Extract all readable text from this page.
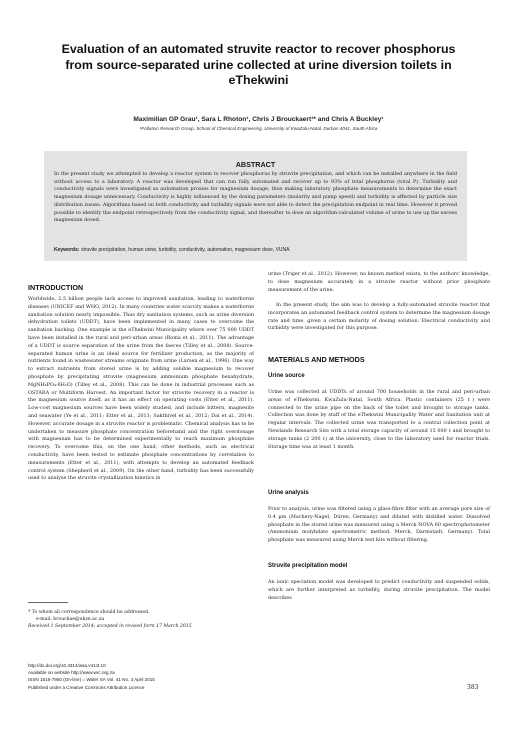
Evaluation of an automated struvite reactor to recover phosphorus
from source-separated urine collected at urine diversion toilets in
eThekwini
Maximilian GP Grau¹, Sara L Rhoton¹, Chris J Brouckaert¹* and Chris A Buckley¹
¹Pollution Research Group, School of Chemical Engineering, University of KwaZulu-Natal, Durban 4041, South Africa
ABSTRACT
In the present study we attempted to develop a reactor system to recover phosphorus by struvite precipitation, and which can be installed anywhere in the field without access to a laboratory. A reactor was developed that can run fully automated and recover up to 93% of total phosphorus (total P). Turbidity and conductivity signals were investigated as automation proxies for magnesium dosage, thus making laboratory phosphate measurements to determine the exact magnesium dosage unnecessary. Conductivity is highly influenced by the dosing parameters (molarity and pump speed) and turbidity is affected by particle size distribution issues. Algorithms based on both conductivity and turbidity signals were not able to detect the precipitation endpoint in real time. However it proved possible to identify the endpoint retrospectively from the conductivity signal, and thereafter to dose an algorithm-calculated volume of urine to use up the excess magnesium dosed.
Keywords: struvite precipitation, human urine, turbidity, conductivity, automation, magnesium dose, VUNA

INTRODUCTION

Worldwide, 2.5 billion people lack access to improved sanitation, leading to waterborne diseases (UNICEF and WHO, 2012). In many countries water scarcity makes a waterborne sanitation solution nearly impossible. Thus dry sanitation systems, such as urine diversion dehydration toilets (UDDT), have been implemented in many cases to overcome the sanitation backlog. One example is the eThekwini Municipality where over 75 000 UDDT have been installed in the rural and peri-urban areas (Roma et al., 2011). The advantage of a UDDT is source separation of the urine from the faeces (Tilley et al., 2008). Source-separated human urine is an ideal source for fertilizer production, as the majority of nutrients found in wastewater streams originate from urine (Larsen et al., 1996). One way to extract nutrients from stored urine is by adding soluble magnesium to recover phosphate by precipitating struvite (magnesium ammonium phosphate hexahydrate, MgNH₄PO₄·6H₂O) (Tilley et al., 2008). This can be done in industrial processes such as OSTARA or Multiform Harvest. An important factor for struvite recovery in a reactor is the magnesium source itself, as it has an effect on operating costs (Etter et al., 2011). Low-cost magnesium sources have been widely studied, and include bittern, magnesite and seawater (Ye et al., 2011; Etter et al., 2011; Sakthivel et al., 2012; Dai et al., 2014). However, accurate dosage in a struvite reactor is problematic. Chemical analysis has to be undertaken to measure phosphate concentration beforehand and the right overdosage with magnesium has to be determined experimentally to reach maximum phosphate recovery. To overcome this, on the one hand, other methods, such as electrical conductivity, have been tested to estimate phosphate concentrations by correlation to measurements (Etter et al., 2011), with attempts to develop an automated feedback control system (Shepherd et al., 2009). On the other hand, turbidity has been successfully used to analyse the struvite crystallization kinetics in

urine (Triger et al., 2012). However, no known method exists, to the authors' knowledge, to dose magnesium accurately in a struvite reactor without prior phosphate measurement of the urine.

In the present study, the aim was to develop a fully-automated struvite reactor that incorporates an automated feedback control system to determine the magnesium dosage rate and time, given a certain molarity of dosing solution. Electrical conductivity and turbidity were investigated for this purpose.

MATERIALS AND METHODS

Urine source

Urine was collected at UDDTs of around 700 households in the rural and peri-urban areas of eThekwini, KwaZulu-Natal, South Africa. Plastic containers (25 ℓ) were connected to the urine pipe on the back of the toilet and brought to storage tanks. Collection was done by staff of the eThekwini Municipality Water and Sanitation unit at regular intervals. The collected urine was transported to a central collection point at Newlands Research Site with a total storage capacity of around 15 000 ℓ and brought to storage tanks (2 200 ℓ) at the university, close to the laboratory used for reactor trials. Storage time was at least 1 month.

Urine analysis

Prior to analysis, urine was filtered using a glass-fibre filter with an average pore size of 0.4 µm (Machery-Nagel, Düren, Germany) and diluted with distilled water. Dissolved phosphate in the stored urine was measured using a Merck NOVA 60 spectrophotometer (Ammonium molybdate spectrometric method, Merck, Darmstadt, Germany). Total phosphate was measured using Merck test kits without filtering.

Struvite precipitation model

An ionic speciation model was developed to predict conductivity and suspended solids, which are further interpreted as turbidity, during struvite precipitation. The model describes

* To whom all correspondence should be addressed.
e-mail: brouckae@ukzn.ac.za
Received 1 September 2014; accepted in revised form 17 March 2015
http://dx.doi.org/10.4314/wsa.v41i3.10
Available on website http://www.wrc.org.za
ISSN 1816-7950 (On-line) = Water SA Vol. 41 No. 3 April 2015
Published under a Creative Commons Attribution Licence	383
